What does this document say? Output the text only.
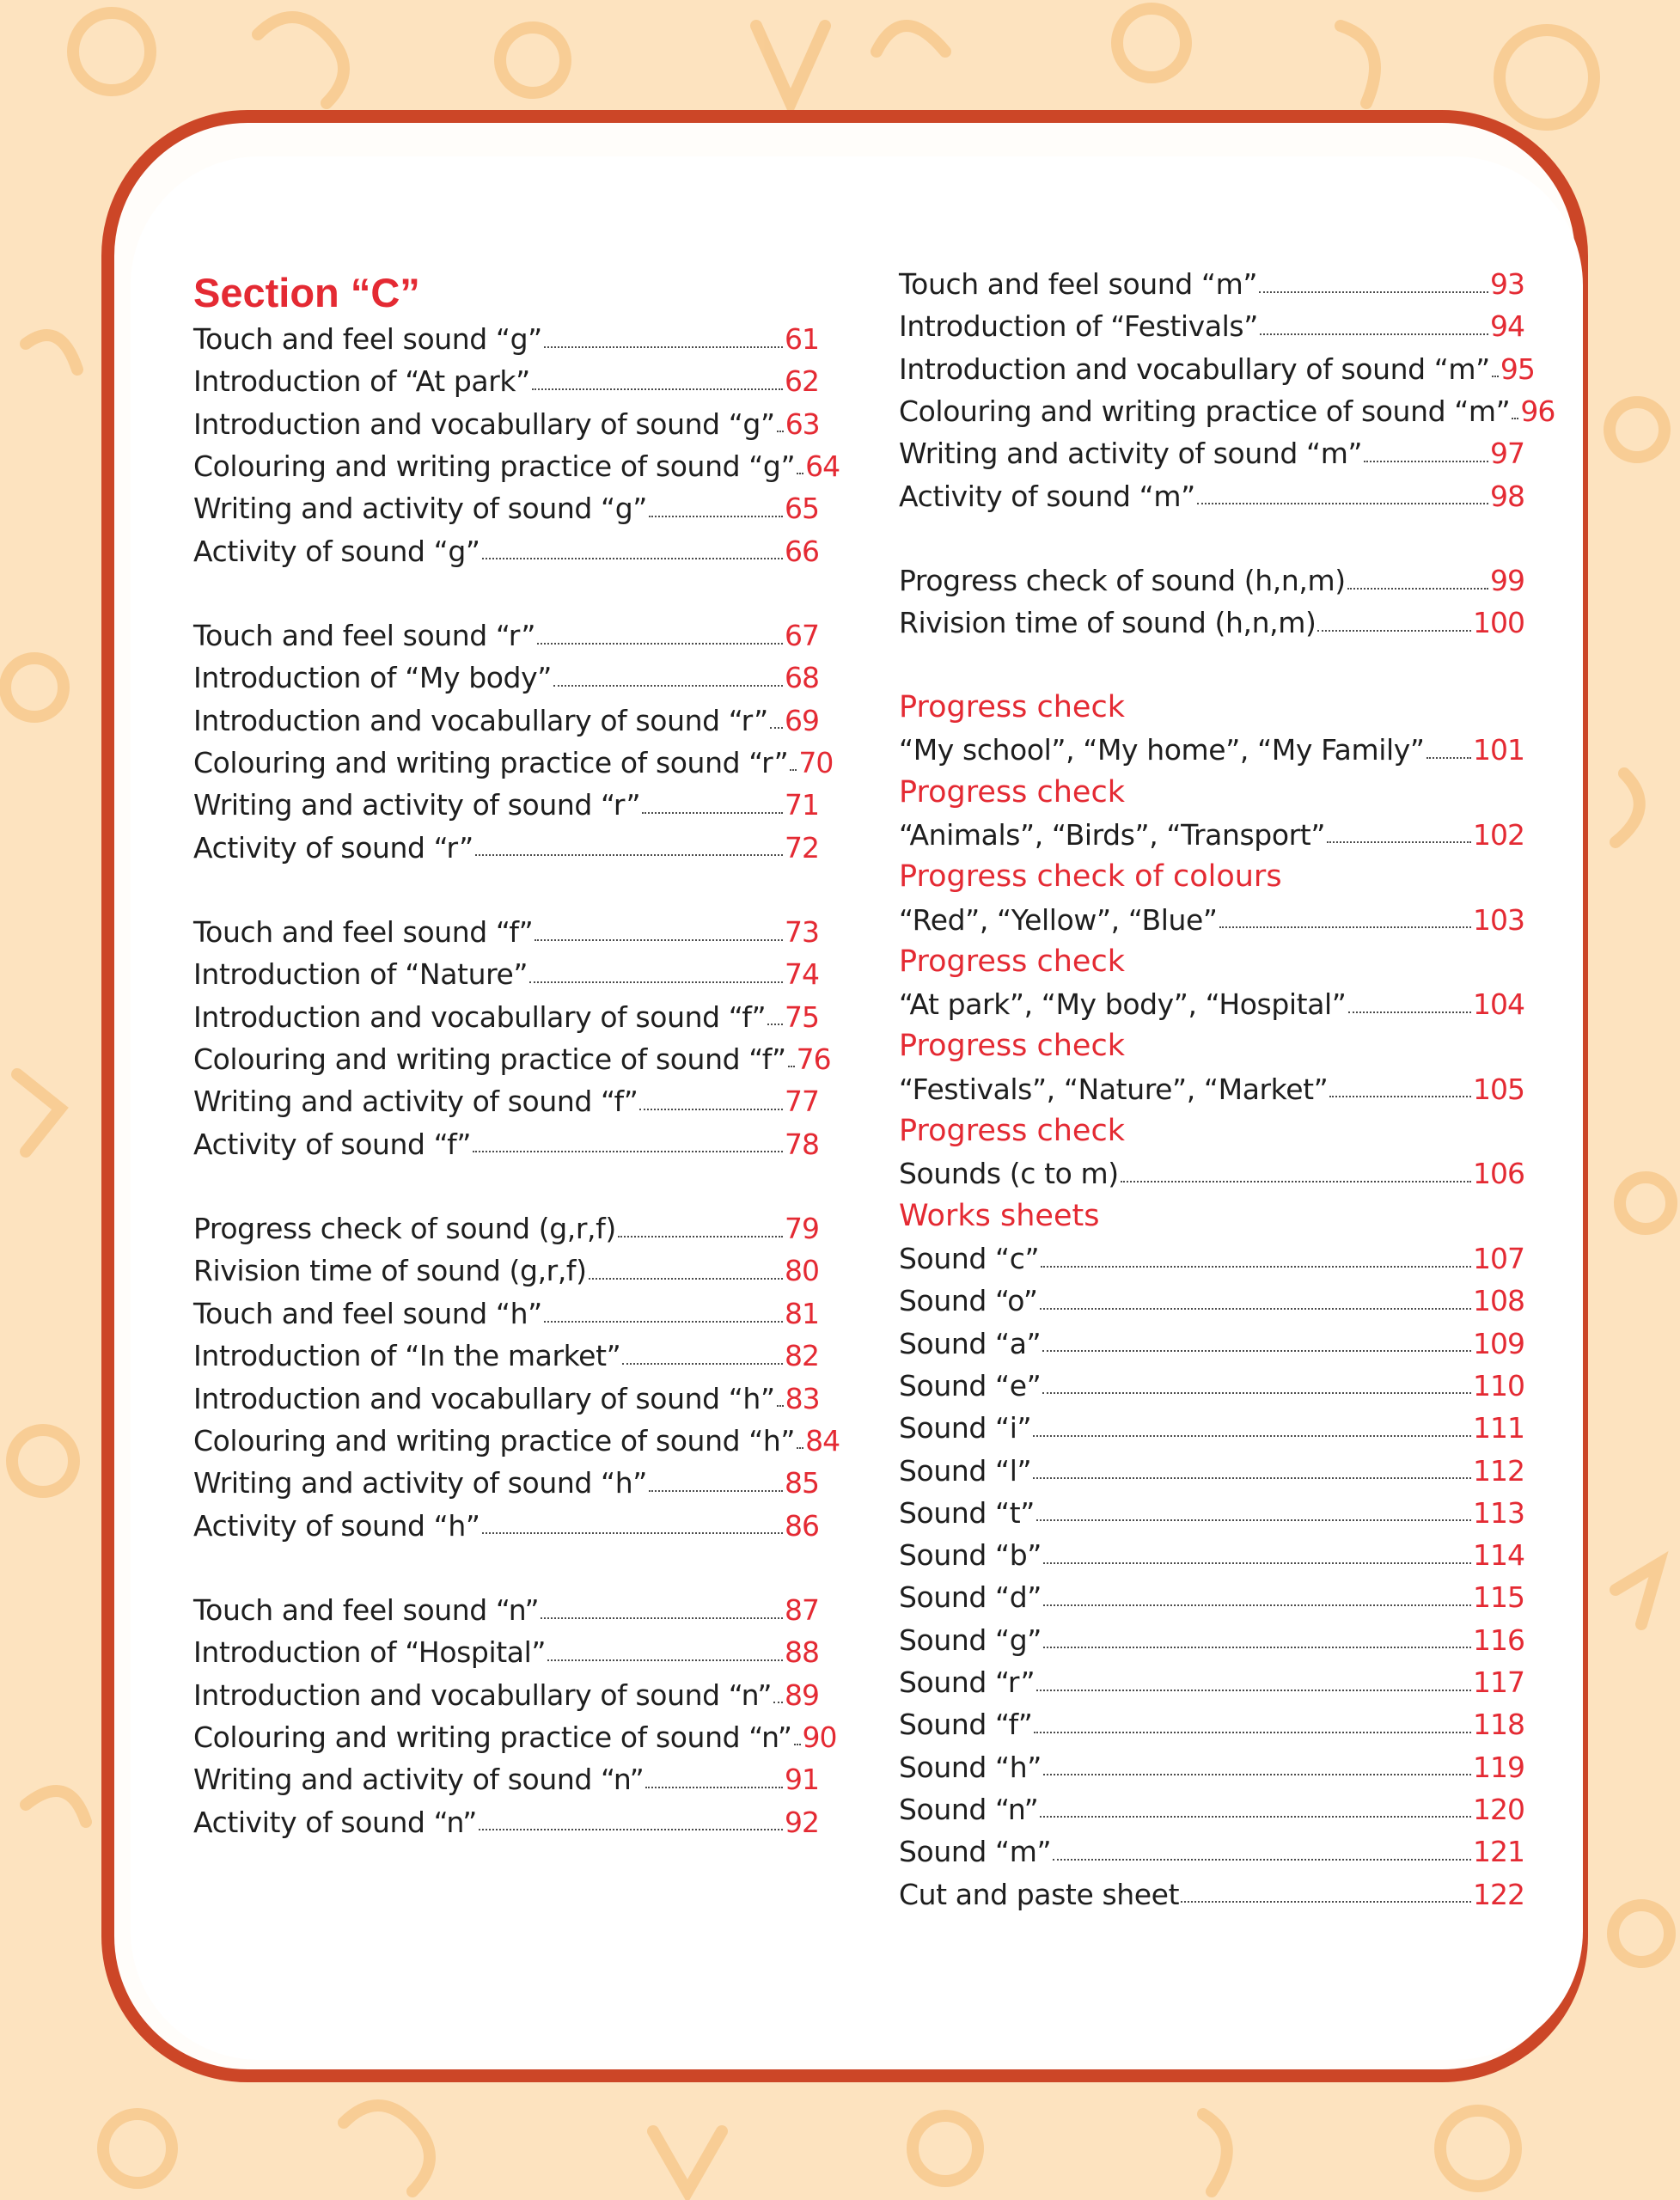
Section “C”
Touch and feel sound “g”	61
Introduction of “At park”	62
Introduction and vocabullary of sound “g” 63
Colouring and writing practice of sound “g” 64
Writing and activity of sound “g”	65
Activity of sound “g”	66
Touch and feel sound “r”	67
Introduction of “My body”	68
Introduction and vocabullary of sound “r” 69
Colouring and writing practice of sound “r” 70
Writing and activity of sound “r”	71
Activity of sound “r”	72
Touch and feel sound “f”	73
Introduction of “Nature”	74
Introduction and vocabullary of sound “f” 75
Colouring and writing practice of sound “f” 76
Writing and activity of sound “f”	77
Activity of sound “f”	78
Progress check of sound (g,r,f)	79
Rivision time of sound (g,r,f)	80
Touch and feel sound “h”	81
Introduction of “In the market”	82
Introduction and vocabullary of sound “h” 83
Colouring and writing practice of sound “h” 84
Writing and activity of sound “h”	85
Activity of sound “h”	86
Touch and feel sound “n”	87
Introduction of “Hospital”	88
Introduction and vocabullary of sound “n” 89
Colouring and writing practice of sound “n” 90
Writing and activity of sound “n”	91
Activity of sound “n”	92
Touch and feel sound “m”	93
Introduction of “Festivals”	94
Introduction and vocabullary of sound “m” 95
Colouring and writing practice of sound “m” 96
Writing and activity of sound “m”	97
Activity of sound “m”	98
Progress check of sound (h,n,m)	99
Rivision time of sound (h,n,m)	100
Progress check
“My school”, “My home”, “My Family” 101
Progress check
“Animals”, “Birds”, “Transport”	102
Progress check of colours
“Red”, “Yellow”, “Blue”	103
Progress check
“At park”, “My body”, “Hospital”	104
Progress check
“Festivals”, “Nature”, “Market”	105
Progress check
Sounds (c to m)	106
Works sheets
Sound “c”	107
Sound “o”	108
Sound “a”	109
Sound “e”	110
Sound “i”	111
Sound “l”	112
Sound “t”	113
Sound “b”	114
Sound “d”	115
Sound “g”	116
Sound “r”	117
Sound “f”	118
Sound “h”	119
Sound “n”	120
Sound “m”	121
Cut and paste sheet	122
